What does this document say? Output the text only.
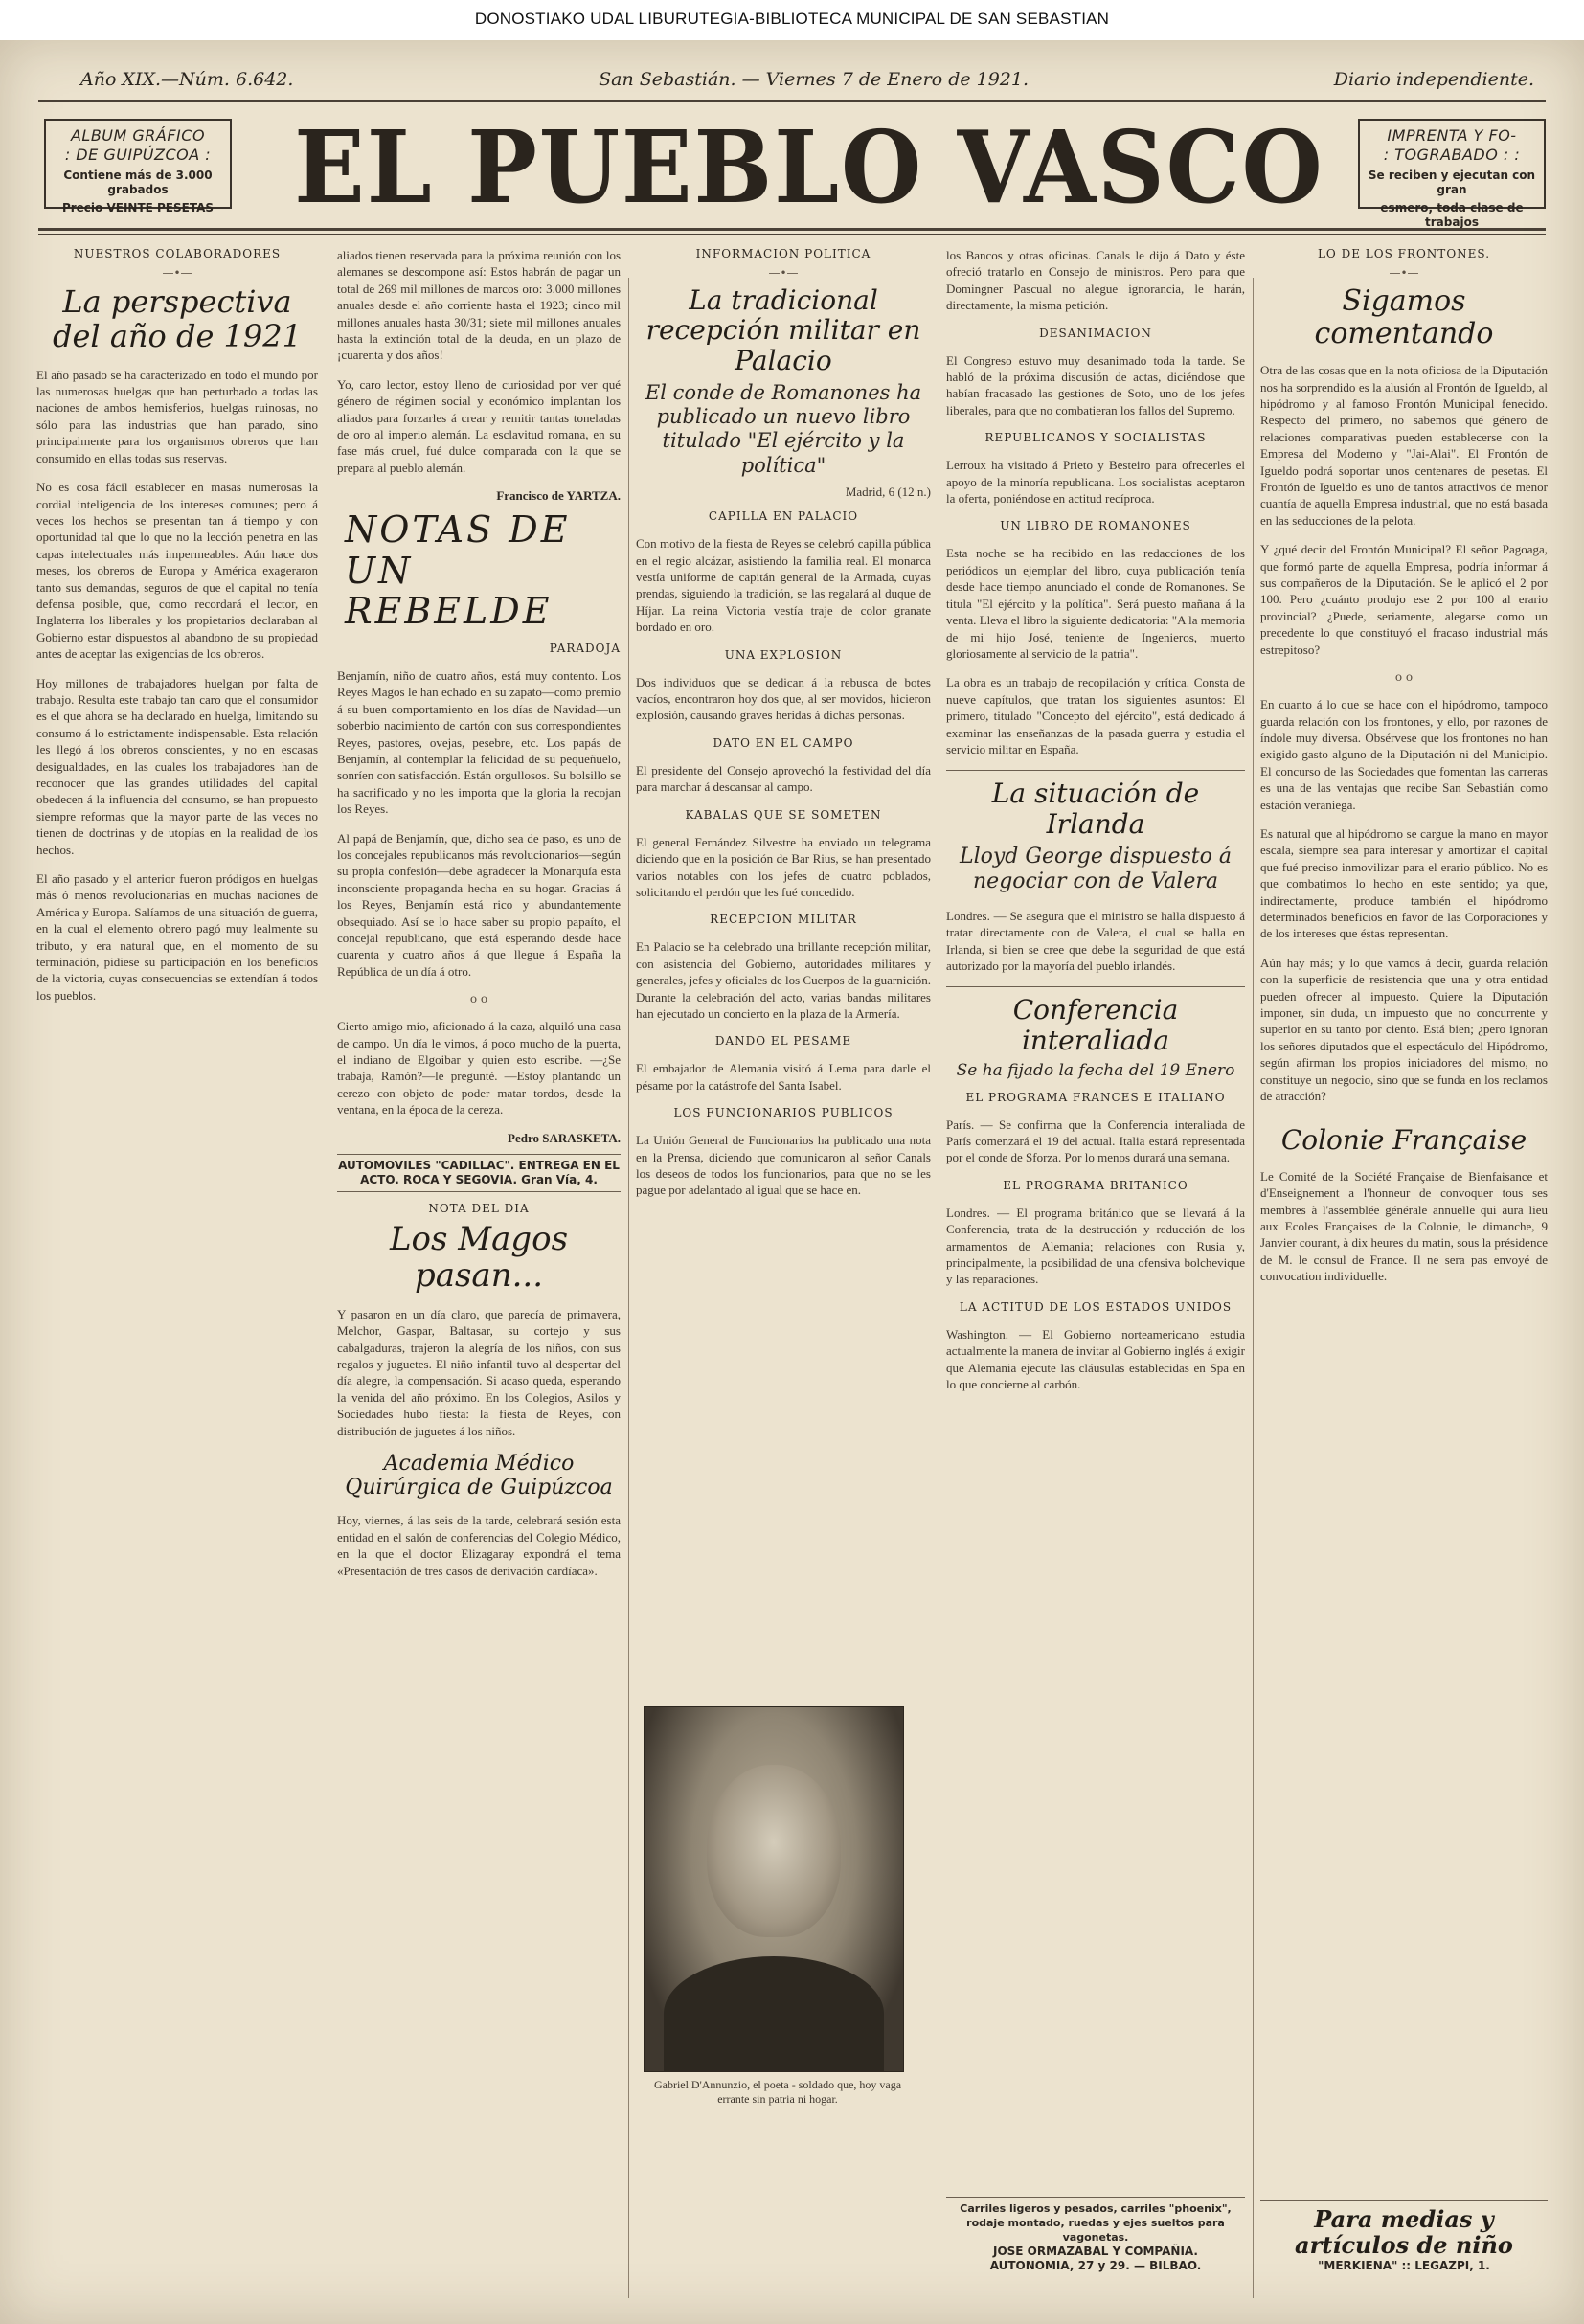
DONOSTIAKO UDAL LIBURUTEGIA-BIBLIOTECA MUNICIPAL DE SAN SEBASTIAN
Año XIX.—Núm. 6.642.	San Sebastián. — Viernes 7 de Enero de 1921.	Diario independiente.
ALBUM GRÁFICO
: DE GUIPÚZCOA :
Contiene más de 3.000 grabados
Precio VEINTE PESETAS EL PUEBLO VASCO	IMPRENTA Y FO-
: TOGRABADO : :
Se reciben y ejecutan con gran
esmero, toda clase de trabajos
NUESTROS COLABORADORES
—•—
La perspectiva del año de 1921

El año pasado se ha caracterizado en todo el mundo por las numerosas huelgas que han perturbado a todas las naciones de ambos hemisferios, huelgas ruinosas, no sólo para las industrias que han parado, sino principalmente para los organismos obreros que han consumido en ellas todas sus reservas.

No es cosa fácil establecer en masas numerosas la cordial inteligencia de los intereses comunes; pero á veces los hechos se presentan tan á tiempo y con oportunidad tal que lo que no la lección penetra en las capas intelectuales más impermeables. Aún hace dos meses, los obreros de Europa y América exageraron tanto sus demandas, seguros de que el capital no tenía defensa posible, que, como recordará el lector, en Inglaterra los liberales y los propietarios declaraban al Gobierno estar dispuestos al abandono de su propiedad antes de aceptar las exigencias de los obreros.

Hoy millones de trabajadores huelgan por falta de trabajo. Resulta este trabajo tan caro que el consumidor es el que ahora se ha declarado en huelga, limitando su consumo á lo estrictamente indispensable. Esta relación les llegó á los obreros conscientes, y no en escasas desigualdades, en las cuales los trabajadores han de reconocer que las grandes utilidades del capital obedecen á la influencia del consumo, se han propuesto siempre reformas que la mayor parte de las veces no tienen de doctrinas y de utopías en la realidad de los hechos.

El año pasado y el anterior fueron pródigos en huelgas más ó menos revolucionarias en muchas naciones de América y Europa. Salíamos de una situación de guerra, en la cual el elemento obrero pagó muy lealmente su tributo, y era natural que, en el momento de su terminación, pidiese su participación en los beneficios de la victoria, cuyas consecuencias se extendían á todos los pueblos.

aliados tienen reservada para la próxima reunión con los alemanes se descompone así: Estos habrán de pagar un total de 269 mil millones de marcos oro: 3.000 millones anuales desde el año corriente hasta el 1923; cinco mil millones anuales hasta 30/31; siete mil millones anuales hasta la extinción total de la deuda, en un plazo de ¡cuarenta y dos años!

Yo, caro lector, estoy lleno de curiosidad por ver qué género de régimen social y económico implantan los aliados para forzarles á crear y remitir tantas toneladas de oro al imperio alemán. La esclavitud romana, en su fase más cruel, fué dulce comparada con la que se prepara al pueblo alemán.

Francisco de YARTZA.
NOTAS DE UN REBELDE
PARADOJA

Benjamín, niño de cuatro años, está muy contento. Los Reyes Magos le han echado en su zapato—como premio á su buen comportamiento en los días de Navidad—un soberbio nacimiento de cartón con sus correspondientes Reyes, pastores, ovejas, pesebre, etc. Los papás de Benjamín, al contemplar la felicidad de su pequeñuelo, sonríen con satisfacción. Están orgullosos. Su bolsillo se ha sacrificado y no les importa que la gloria la recojan los Reyes.

Al papá de Benjamín, que, dicho sea de paso, es uno de los concejales republicanos más revolucionarios—según su propia confesión—debe agradecer la Monarquía esta inconsciente propaganda hecha en su hogar. Gracias á los Reyes, Benjamín está rico y abundantemente obsequiado. Así se lo hace saber su propio papaíto, el concejal republicano, que está esperando desde hace cuarenta y cuatro años á que llegue á España la República de un día á otro.

o o

Cierto amigo mío, aficionado á la caza, alquiló una casa de campo. Un día le vimos, á poco mucho de la puerta, el indiano de Elgoibar y quien esto escribe. —¿Se trabaja, Ramón?—le pregunté. —Estoy plantando un cerezo con objeto de poder matar tordos, desde la ventana, en la época de la cereza.

Pedro SARASKETA.
AUTOMOVILES "CADILLAC". ENTREGA EN EL ACTO. ROCA Y SEGOVIA. Gran Vía, 4.
NOTA DEL DIA
Los Magos pasan...

Y pasaron en un día claro, que parecía de primavera, Melchor, Gaspar, Baltasar, su cortejo y sus cabalgaduras, trajeron la alegría de los niños, con sus regalos y juguetes. El niño infantil tuvo al despertar del día alegre, la compensación. Si acaso queda, esperando la venida del año próximo. En los Colegios, Asilos y Sociedades hubo fiesta: la fiesta de Reyes, con distribución de juguetes á los niños.

Academia Médico Quirúrgica de Guipúzcoa

Hoy, viernes, á las seis de la tarde, celebrará sesión esta entidad en el salón de conferencias del Colegio Médico, en la que el doctor Elizagaray expondrá el tema «Presentación de tres casos de derivación cardíaca».

INFORMACION POLITICA
—•—
La tradicional recepción militar en Palacio
El conde de Romanones ha publicado un nuevo libro titulado "El ejército y la política"
Madrid, 6 (12 n.)
CAPILLA EN PALACIO

Con motivo de la fiesta de Reyes se celebró capilla pública en el regio alcázar, asistiendo la familia real. El monarca vestía uniforme de capitán general de la Armada, cuyas prendas, siguiendo la tradición, se las regalará al duque de Híjar. La reina Victoria vestía traje de color granate bordado en oro.

UNA EXPLOSION

Dos individuos que se dedican á la rebusca de botes vacíos, encontraron hoy dos que, al ser movidos, hicieron explosión, causando graves heridas á dichas personas.

DATO EN EL CAMPO

El presidente del Consejo aprovechó la festividad del día para marchar á descansar al campo.

KABALAS QUE SE SOMETEN

El general Fernández Silvestre ha enviado un telegrama diciendo que en la posición de Bar Rius, se han presentado varios notables con los jefes de cuatro poblados, solicitando el perdón que les fué concedido.

RECEPCION MILITAR

En Palacio se ha celebrado una brillante recepción militar, con asistencia del Gobierno, autoridades militares y generales, jefes y oficiales de los Cuerpos de la guarnición. Durante la celebración del acto, varias bandas militares han ejecutado un concierto en la plaza de la Armería.

DANDO EL PESAME

El embajador de Alemania visitó á Lema para darle el pésame por la catástrofe del Santa Isabel.

LOS FUNCIONARIOS PUBLICOS

La Unión General de Funcionarios ha publicado una nota en la Prensa, diciendo que comunicaron al señor Canals los deseos de todos los funcionarios, para que no se les pague por adelantado al igual que se hace en.

Gabriel D'Annunzio, el poeta - soldado que, hoy vaga errante sin patria ni hogar.

los Bancos y otras oficinas. Canals le dijo á Dato y éste ofreció tratarlo en Consejo de ministros. Pero para que Domingner Pascual no alegue ignorancia, le harán, directamente, la misma petición.

DESANIMACION

El Congreso estuvo muy desanimado toda la tarde. Se habló de la próxima discusión de actas, diciéndose que habían fracasado las gestiones de Soto, uno de los jefes liberales, para que no combatieran los fallos del Supremo.

REPUBLICANOS Y SOCIALISTAS

Lerroux ha visitado á Prieto y Besteiro para ofrecerles el apoyo de la minoría republicana. Los socialistas aceptaron la oferta, poniéndose en actitud recíproca.

UN LIBRO DE ROMANONES

Esta noche se ha recibido en las redacciones de los periódicos un ejemplar del libro, cuya publicación tenía desde hace tiempo anunciado el conde de Romanones. Se titula "El ejército y la política". Será puesto mañana á la venta. Lleva el libro la siguiente dedicatoria: "A la memoria de mi hijo José, teniente de Ingenieros, muerto gloriosamente al servicio de la patria".

La obra es un trabajo de recopilación y crítica. Consta de nueve capítulos, que tratan los siguientes asuntos: El primero, titulado "Concepto del ejército", está dedicado á examinar las enseñanzas de la pasada guerra y estudia el servicio militar en España.

La situación de Irlanda
Lloyd George dispuesto á negociar con de Valera

Londres. — Se asegura que el ministro se halla dispuesto á tratar directamente con de Valera, el cual se halla en Irlanda, si bien se cree que debe la seguridad de que está autorizado por la mayoría del pueblo irlandés.

Conferencia interaliada
Se ha fijado la fecha del 19 Enero
EL PROGRAMA FRANCES E ITALIANO

París. — Se confirma que la Conferencia interaliada de París comenzará el 19 del actual. Italia estará representada por el conde de Sforza. Por lo menos durará una semana.

EL PROGRAMA BRITANICO

Londres. — El programa británico que se llevará á la Conferencia, trata de la destrucción y reducción de los armamentos de Alemania; relaciones con Rusia y, principalmente, la posibilidad de una ofensiva bolchevique y las reparaciones.

LA ACTITUD DE LOS ESTADOS UNIDOS

Washington. — El Gobierno norteamericano estudia actualmente la manera de invitar al Gobierno inglés á exigir que Alemania ejecute las cláusulas establecidas en Spa en lo que concierne al carbón.

Carriles ligeros y pesados, carriles "phoenix", rodaje montado, ruedas y ejes sueltos para vagonetas.
JOSE ORMAZABAL Y COMPAÑIA.
AUTONOMIA, 27 y 29. — BILBAO.
LO DE LOS FRONTONES.
—•—
Sigamos comentando

Otra de las cosas que en la nota oficiosa de la Diputación nos ha sorprendido es la alusión al Frontón de Igueldo, al hipódromo y al famoso Frontón Municipal fenecido. Respecto del primero, no sabemos qué género de relaciones comparativas pueden establecerse con la Empresa del Moderno y "Jai-Alai". El Frontón de Igueldo podrá soportar unos centenares de pesetas. El Frontón de Igueldo es uno de tantos atractivos de menor cuantía de aquella Empresa industrial, que no está basada en las seducciones de la pelota.

Y ¿qué decir del Frontón Municipal? El señor Pagoaga, que formó parte de aquella Empresa, podría informar á sus compañeros de la Diputación. Se le aplicó el 2 por 100. Pero ¿cuánto produjo ese 2 por 100 al erario provincial? ¿Puede, seriamente, alegarse como un precedente lo que constituyó el fracaso industrial más estrepitoso?

o o

En cuanto á lo que se hace con el hipódromo, tampoco guarda relación con los frontones, y ello, por razones de índole muy diversa. Obsérvese que los frontones no han exigido gasto alguno de la Diputación ni del Municipio. El concurso de las Sociedades que fomentan las carreras es una de las ventajas que recibe San Sebastián como estación veraniega.

Es natural que al hipódromo se cargue la mano en mayor escala, siempre sea para interesar y amortizar el capital que fué preciso inmovilizar para el erario público. No es que combatimos lo hecho en este sentido; ya que, indirectamente, produce también el hipódromo determinados beneficios en favor de las Corporaciones y de los intereses que éstas representan.

Aún hay más; y lo que vamos á decir, guarda relación con la superficie de resistencia que una y otra entidad pueden ofrecer al impuesto. Quiere la Diputación imponer, sin duda, un impuesto que no concurrente y superior en su tanto por ciento. Está bien; ¿pero ignoran los señores diputados que el espectáculo del Hipódromo, según afirman los propios iniciadores del mismo, no constituye un negocio, sino que se funda en los reclamos de atracción?

Colonie Française

Le Comité de la Société Française de Bienfaisance et d'Enseignement a l'honneur de convoquer tous ses membres à l'assemblée générale annuelle qui aura lieu aux Ecoles Françaises de la Colonie, le dimanche, 9 Janvier courant, à dix heures du matin, sous la présidence de M. le consul de France. Il ne sera pas envoyé de convocation individuelle.

Para medias y artículos de niño
"MERKIENA" :: LEGAZPI, 1.
